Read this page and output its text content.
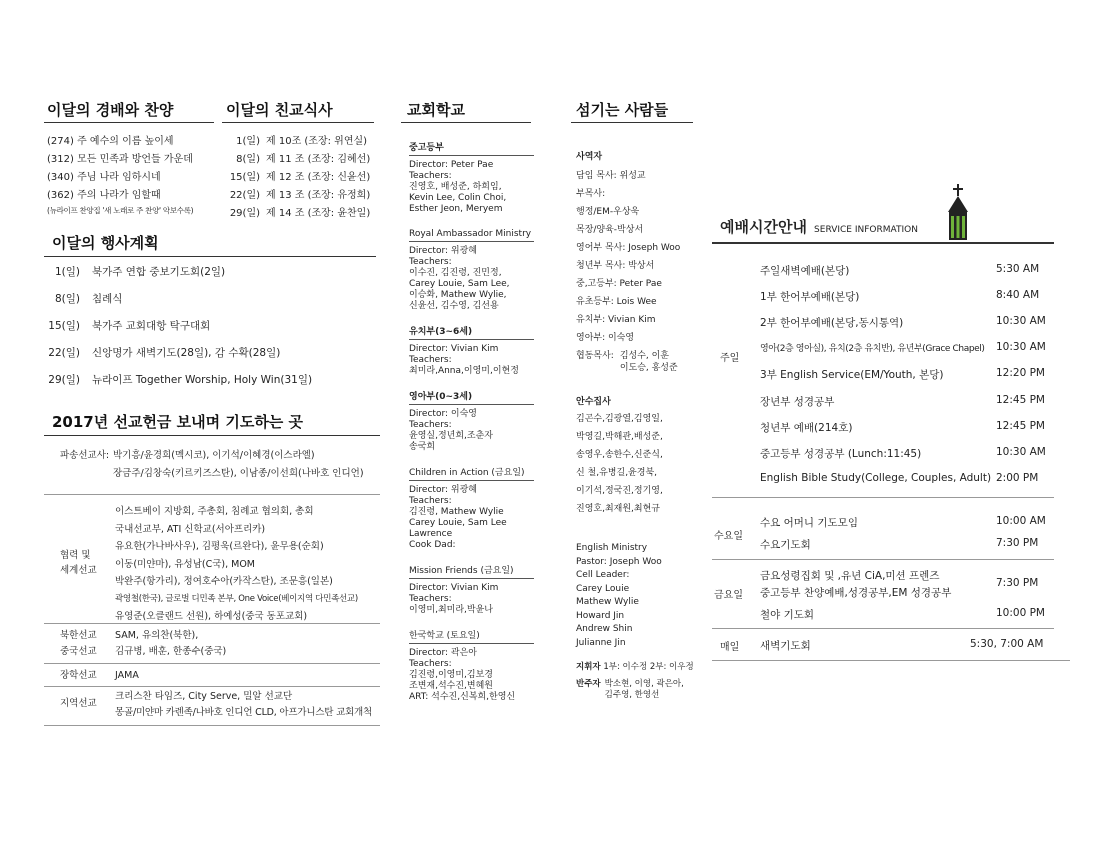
이달의 경배와 찬양
(274) 주 예수의 이름 높이세
(312) 모든 민족과 방언들 가운데
(340) 주님 나라 임하시네
(362) 주의 나라가 임할때
(뉴라이프 찬양집 '새 노래로 주 찬양' 악보수록)
이달의 친교식사
1(일) 제 10조 (조장: 위연실)
8(일) 제 11 조 (조장: 김혜선)
15(일) 제 12 조 (조장: 신윤선)
22(일) 제 13 조 (조장: 유정희)
29(일) 제 14 조 (조장: 윤찬일)
이달의 행사계획
1(일) 북가주 연합 중보기도회(2일)
8(일) 침례식
15(일) 북가주 교회대항 탁구대회
22(일) 신앙명가 새벽기도(28일), 감 수확(28일)
29(일) 뉴라이프 Together Worship, Holy Win(31일)
2017년 선교헌금 보내며 기도하는 곳
파송선교사: 박기흥/윤경희(멕시코), 이기석/이혜경(이스라엘)
장금주/김창숙(키르키즈스탄), 이남종/이선희(나바호 인디언)
협력 및
세계선교
이스트베이 지방회, 주총회, 침례교 협의회, 총회
국내선교부, ATI 신학교(서아프리카)
유요한(가나바사우), 김평욱(르완다), 윤무용(순회)
이동(미얀마), 유성남(C국), MOM
박완주(항가리), 정여호수아(카작스탄), 조문흥(일본)
곽영철(한국), 글로벌 디민족 본부, One Voice(베이지역 다민족선교)
유영준(오클랜드 선원), 하예성(중국 동포교회)
북한선교 SAM, 유의찬(북한),
중국선교 김규병, 배훈, 한종수(중국)
장학선교 JAMA
지역선교
크리스찬 타임즈, City Serve, 밀알 선교단
몽골/미얀마 카렌족/나바호 인디언 CLD, 아프가니스탄 교회개척
교회학교
중고등부
Director: Peter Pae
Teachers:
진영호, 배성준, 하희임,
Kevin Lee, Colin Choi,
Esther Jeon, Meryem
Royal Ambassador Ministry
Director: 위광혜
Teachers:
이수진, 김진령, 진민정,
Carey Louie, Sam Lee,
이승화, Mathew Wylie,
신윤선, 김수영, 김선용
유치부(3~6세)
Director: Vivian Kim
Teachers:
최미라,Anna,이영미,이현정
영아부(0~3세)
Director: 이숙영
Teachers:
윤영실,정년희,조춘자
송국희
Children in Action (금요일)
Director: 위광혜
Teachers:
김진령, Mathew Wylie
Carey Louie, Sam Lee
Lawrence
Cook Dad:
Mission Friends (금요일)
Director: Vivian Kim
Teachers:
이영미,최미라,박윤나
한국학교 (토요일)
Director: 곽은아
Teachers:
김진령,이영미,김보경
조변재,석수진,변혜원
ART: 석수진,신복희,한영신
섬기는 사람들
사역자
담임 목사: 위성교
부목사:
행정/EM-우상욱
목장/양육-박상서
영어부 목사: Joseph Woo
청년부 목사: 박상서
중,고등부: Peter Pae
유초등부: Lois Wee
유치부: Vivian Kim
영아부: 이숙영
협동목사: 김성수, 이훈
이도승, 홍성준
안수집사
김곤수,김광열,김영일,
박영길,박해관,배성준,
송영우,송한수,신준식,
신 철,유병길,윤경북,
이기석,정국진,정기영,
진영호,최재원,최현규
English Ministry
Pastor: Joseph Woo
Cell Leader:
Carey Louie
Mathew Wylie
Howard Jin
Andrew Shin
Julianne Jin
지휘자 1부: 이수정 2부: 이우정
반주자 박소현, 이영, 곽은아,
김주영, 한영선
예배시간안내 SERVICE INFORMATION
주일
주일새벽예배(본당)	5:30 AM
1부 한어부예배(본당)	8:40 AM
2부 한어부예배(본당,동시통역)	10:30 AM
영아(2층 영아실), 유치(2층 유치반), 유년부(Grace Chapel) 10:30 AM
3부 English Service(EM/Youth, 본당)	12:20 PM
장년부 성경공부	12:45 PM
청년부 예배(214호)	12:45 PM
중고등부 성경공부 (Lunch:11:45)	10:30 AM
English Bible Study(College, Couples, Adult) 2:00 PM
수요일
수요 어머니 기도모임	10:00 AM
수요기도회	7:30 PM
금요일
금요성령집회 및 ,유년 CiA,미션 프렌즈
중고등부 찬양예배,성경공부,EM 성경공부
7:30 PM
철야 기도회	10:00 PM
매일 새벽기도회	5:30, 7:00 AM
